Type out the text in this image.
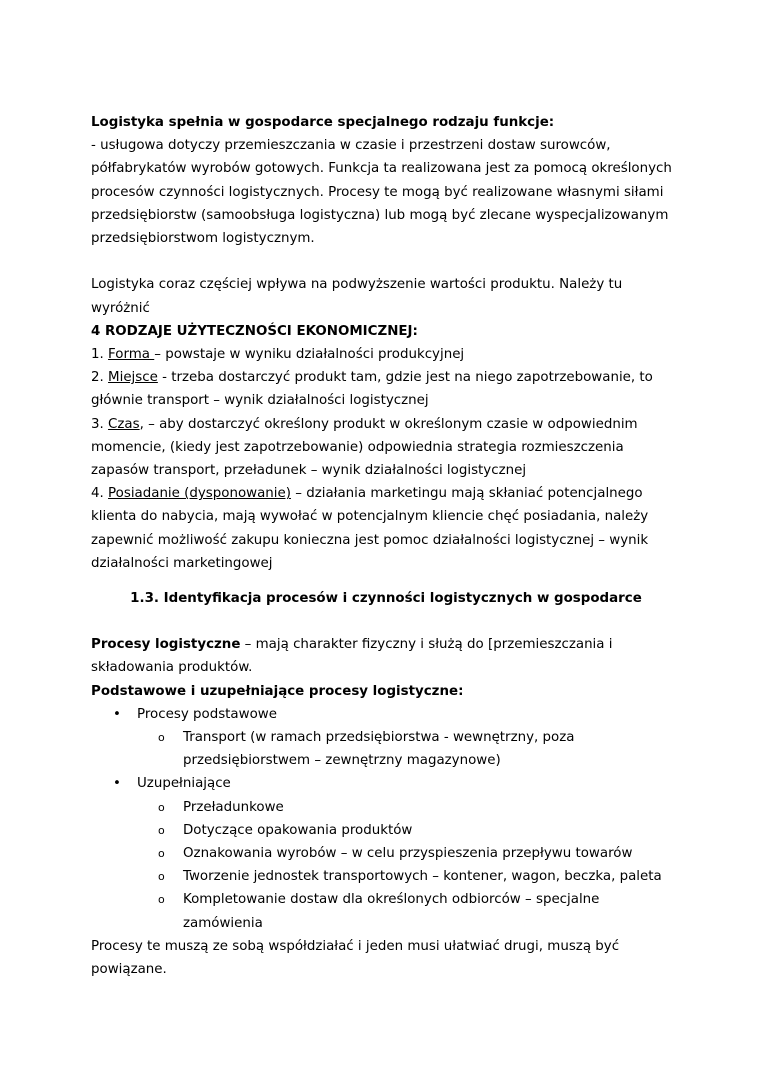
Logistyka spełnia w gospodarce specjalnego rodzaju funkcje:

- usługowa dotyczy przemieszczania w czasie i przestrzeni dostaw surowców, półfabrykatów wyrobów gotowych. Funkcja ta realizowana jest za pomocą określonych procesów czynności logistycznych. Procesy te mogą być realizowane własnymi siłami przedsiębiorstw (samoobsługa logistyczna) lub mogą być zlecane wyspecjalizowanym przedsiębiorstwom logistycznym.

Logistyka coraz częściej wpływa na podwyższenie wartości produktu. Należy tu wyróżnić

4 RODZAJE UŻYTECZNOŚCI EKONOMICZNEJ:

1. Forma – powstaje w wyniku działalności produkcyjnej

2. Miejsce - trzeba dostarczyć produkt tam, gdzie jest na niego zapotrzebowanie, to głównie transport – wynik działalności logistycznej

3. Czas, – aby dostarczyć określony produkt w określonym czasie w odpowiednim momencie, (kiedy jest zapotrzebowanie) odpowiednia strategia rozmieszczenia zapasów transport, przeładunek – wynik działalności logistycznej

4. Posiadanie (dysponowanie) – działania marketingu mają skłaniać potencjalnego klienta do nabycia, mają wywołać w potencjalnym kliencie chęć posiadania, należy zapewnić możliwość zakupu konieczna jest pomoc działalności logistycznej – wynik działalności marketingowej

1.3. Identyfikacja procesów i czynności logistycznych w gospodarce

Procesy logistyczne – mają charakter fizyczny i służą do [przemieszczania i składowania produktów.

Podstawowe i uzupełniające procesy logistyczne:

• Procesy podstawowe
o Transport (w ramach przedsiębiorstwa - wewnętrzny, poza przedsiębiorstwem – zewnętrzny magazynowe)
• Uzupełniające
o Przeładunkowe
o Dotyczące opakowania produktów
o Oznakowania wyrobów – w celu przyspieszenia przepływu towarów
o Tworzenie jednostek transportowych – kontener, wagon, beczka, paleta
o Kompletowanie dostaw dla określonych odbiorców – specjalne zamówienia

Procesy te muszą ze sobą współdziałać i jeden musi ułatwiać drugi, muszą być powiązane.
